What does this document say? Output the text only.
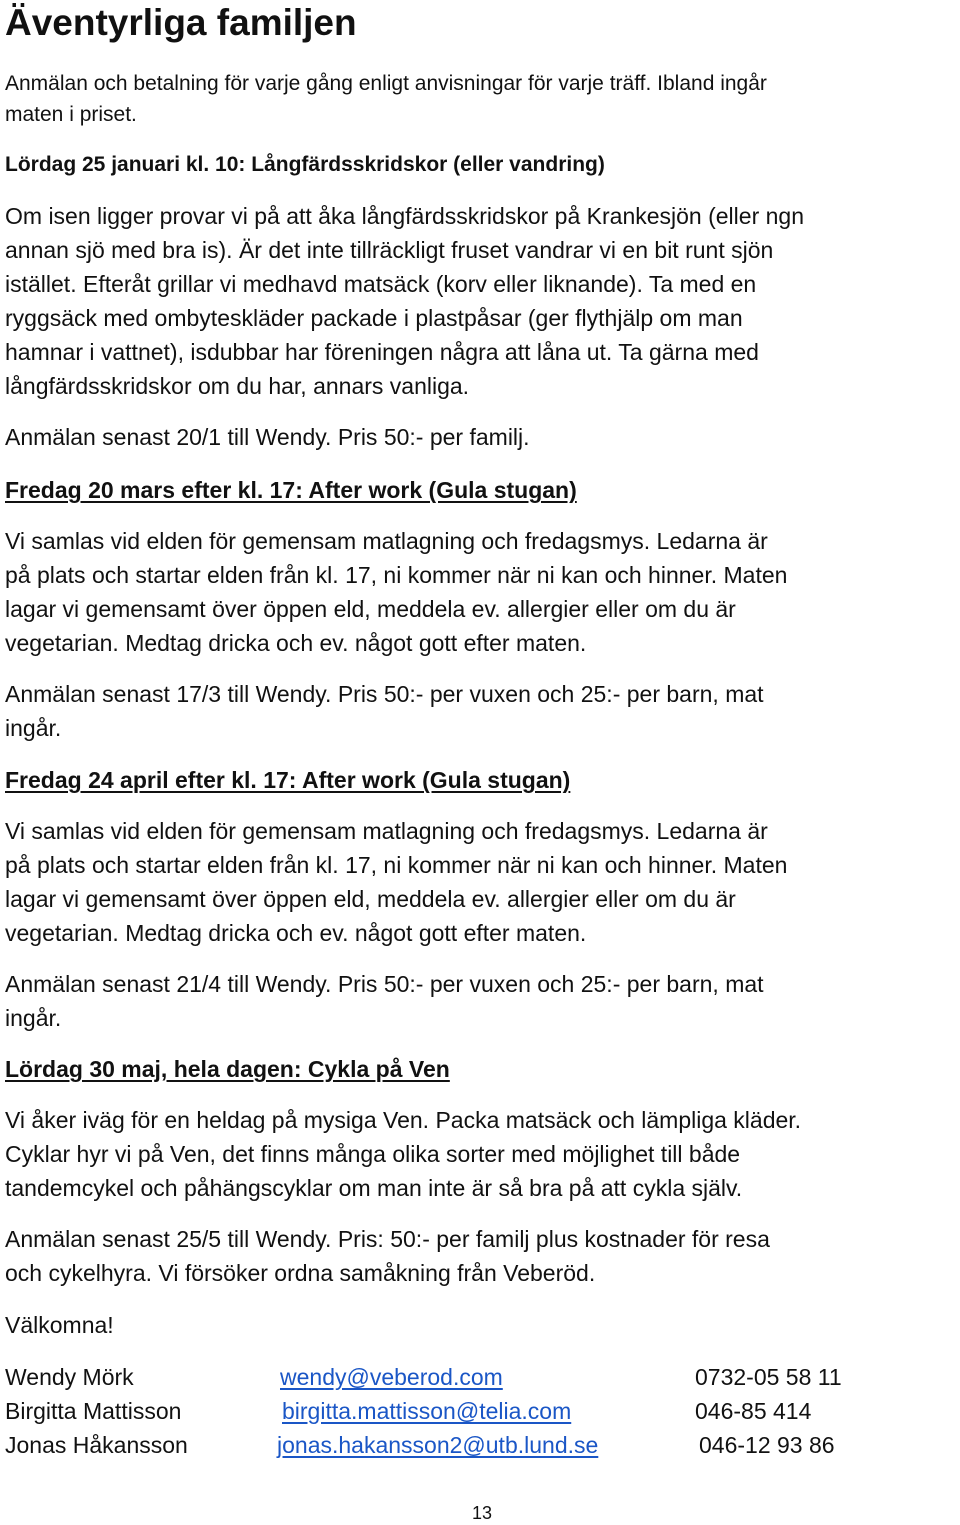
Äventyrliga familjen
Anmälan och betalning för varje gång enligt anvisningar för varje träff. Ibland ingår
maten i priset.
Lördag 25 januari kl. 10: Långfärdsskridskor (eller vandring)
Om isen ligger provar vi på att åka långfärdsskridskor på Krankesjön (eller ngn
annan sjö med bra is). Är det inte tillräckligt fruset vandrar vi en bit runt sjön
istället. Efteråt grillar vi medhavd matsäck (korv eller liknande). Ta med en
ryggsäck med ombyteskläder packade i plastpåsar (ger flythjälp om man
hamnar i vattnet), isdubbar har föreningen några att låna ut. Ta gärna med
långfärdsskridskor om du har, annars vanliga.
Anmälan senast 20/1 till Wendy. Pris 50:- per familj.
Fredag 20 mars efter kl. 17: After work (Gula stugan)
Vi samlas vid elden för gemensam matlagning och fredagsmys. Ledarna är
på plats och startar elden från kl. 17, ni kommer när ni kan och hinner. Maten
lagar vi gemensamt över öppen eld, meddela ev. allergier eller om du är
vegetarian. Medtag dricka och ev. något gott efter maten.
Anmälan senast 17/3 till Wendy. Pris 50:- per vuxen och 25:- per barn, mat
ingår.
Fredag 24 april efter kl. 17: After work (Gula stugan)
Vi samlas vid elden för gemensam matlagning och fredagsmys. Ledarna är
på plats och startar elden från kl. 17, ni kommer när ni kan och hinner. Maten
lagar vi gemensamt över öppen eld, meddela ev. allergier eller om du är
vegetarian. Medtag dricka och ev. något gott efter maten.
Anmälan senast 21/4 till Wendy. Pris 50:- per vuxen och 25:- per barn, mat
ingår.
Lördag 30 maj, hela dagen: Cykla på Ven
Vi åker iväg för en heldag på mysiga Ven. Packa matsäck och lämpliga kläder.
Cyklar hyr vi på Ven, det finns många olika sorter med möjlighet till både
tandemcykel och påhängscyklar om man inte är så bra på att cykla själv.
Anmälan senast 25/5 till Wendy. Pris: 50:- per familj plus kostnader för resa
och cykelhyra. Vi försöker ordna samåkning från Veberöd.
Välkomna!
Wendy Mörk	wendy@veberod.com	0732-05 58 11
Birgitta Mattisson	birgitta.mattisson@telia.com	046-85 414
Jonas Håkansson	jonas.hakansson2@utb.lund.se	046-12 93 86
13
